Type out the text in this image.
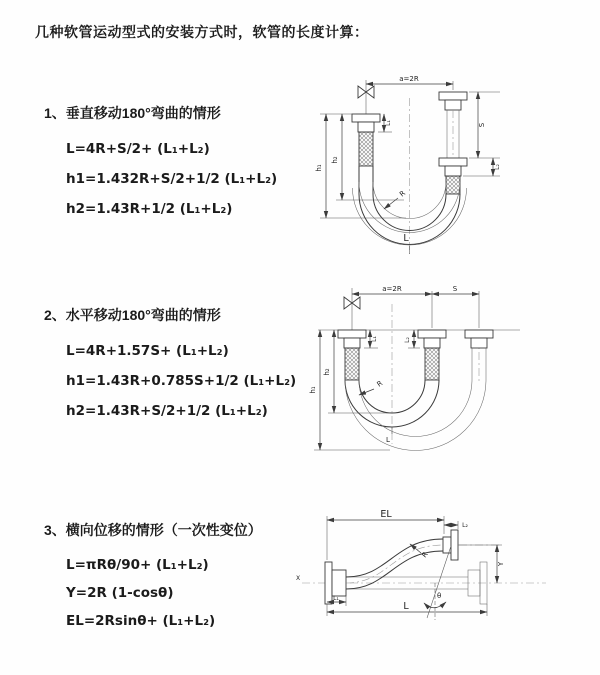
几种软管运动型式的安装方式时，软管的长度计算：
1、垂直移动180°弯曲的情形

L=4R+S/2+ (L₁+L₂)

h1=1.432R+S/2+1/2 (L₁+L₂)

h2=1.43R+1/2 (L₁+L₂)

a=2R
h₁
h₂
L₁	S
L₂
R
L
2、水平移动180°弯曲的情形

L=4R+1.57S+ (L₁+L₂)

h1=1.43R+0.785S+1/2 (L₁+L₂)

h2=1.43R+S/2+1/2 (L₁+L₂)

a=2R	S
h₁
h₂
L₁	L₂
R
L
3、横向位移的情形（一次性变位）

L=πRθ/90+ (L₁+L₂)

Y=2R (1-cosθ)

EL=2Rsinθ+ (L₁+L₂)

X
EL
L₂
Y
R
θ
L
L₁
